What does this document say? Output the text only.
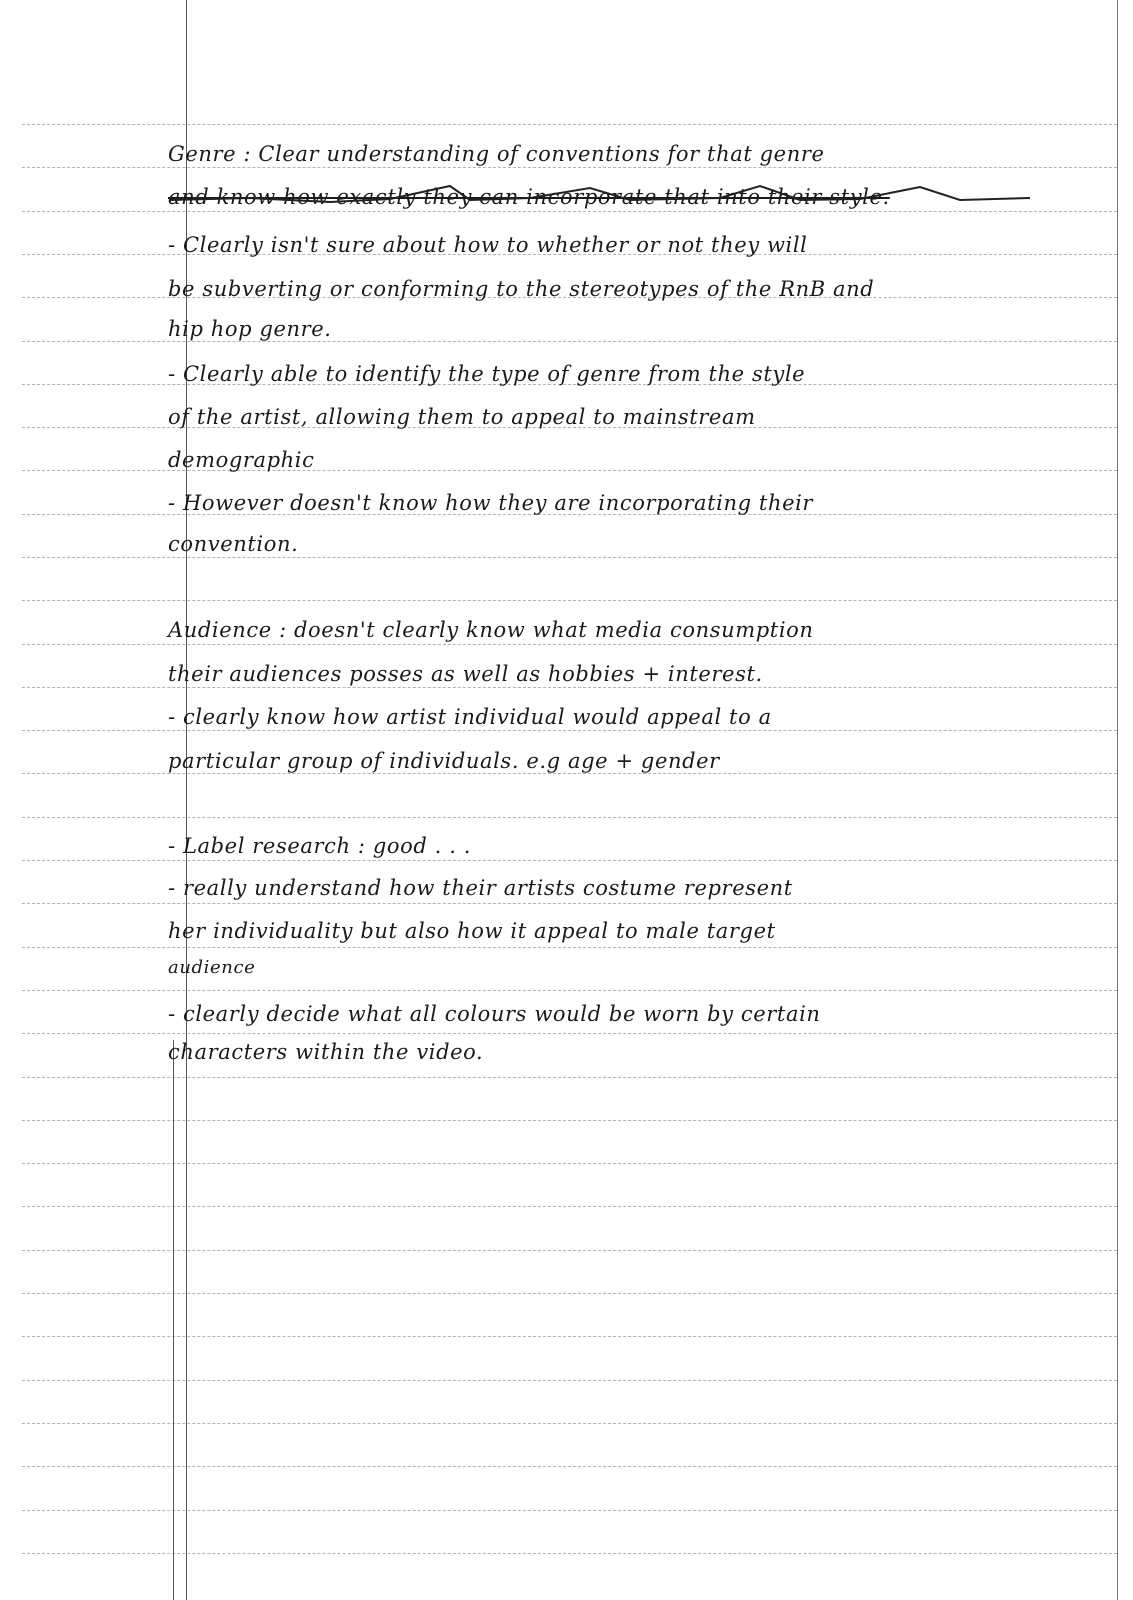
Genre : Clear understanding of conventions for that genre
and know how exactly they can incorporate that into their style.
- Clearly isn't sure about how to whether or not they will
be subverting or conforming to the stereotypes of the RnB and
hip hop genre.
- Clearly able to identify the type of genre from the style
of the artist, allowing them to appeal to mainstream
demographic
- However doesn't know how they are incorporating their
convention.
Audience : doesn't clearly know what media consumption
their audiences posses as well as hobbies + interest.
- clearly know how artist individual would appeal to a
particular group of individuals. e.g age + gender
- Label research : good . . .
- really understand how their artists costume represent
her individuality but also how it appeal to male target
audience
- clearly decide what all colours would be worn by certain
characters within the video.
